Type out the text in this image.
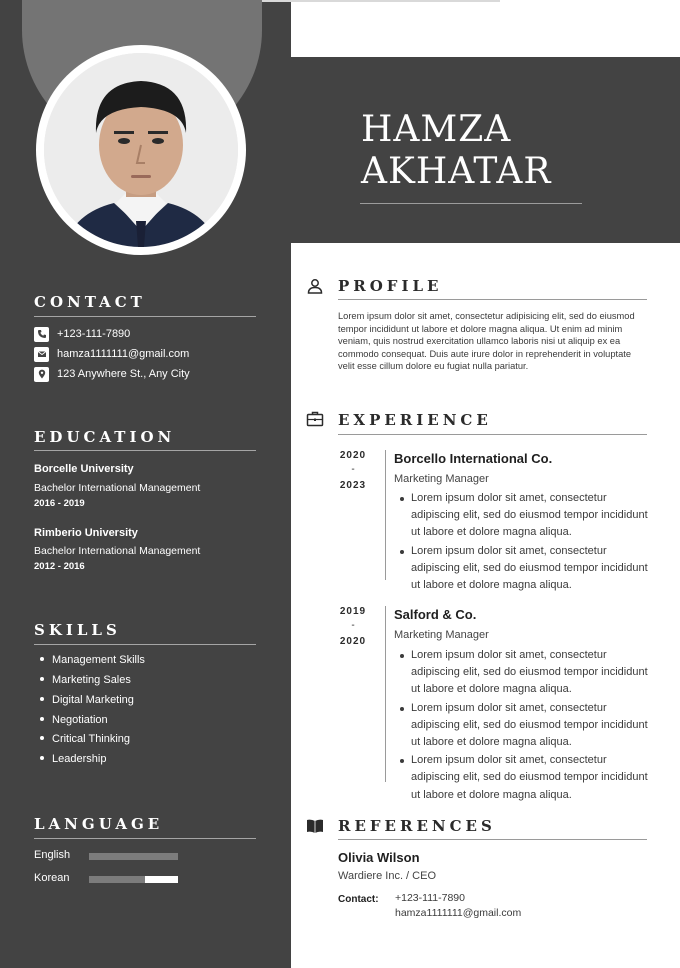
HAMZA
AKHATAR
CONTACT
+123-111-7890
hamza1111111@gmail.com
123 Anywhere St., Any City
EDUCATION
Borcelle University
Bachelor International Management
2016 - 2019
Rimberio University
Bachelor International Management
2012 - 2016
SKILLS
Management Skills
Marketing Sales
Digital Marketing
Negotiation
Critical Thinking
Leadership
LANGUAGE
English
Korean
PROFILE
Lorem ipsum dolor sit amet, consectetur adipisicing elit, sed do eiusmod tempor incididunt ut labore et dolore magna aliqua. Ut enim ad minim veniam, quis nostrud exercitation ullamco laboris nisi ut aliquip ex ea commodo consequat. Duis aute irure dolor in reprehenderit in voluptate velit esse cillum dolore eu fugiat nulla pariatur.
EXPERIENCE
2020
-
2023
Borcello International Co.
Marketing Manager
Lorem ipsum dolor sit amet, consectetur adipiscing elit, sed do eiusmod tempor incididunt ut labore et dolore magna aliqua.
Lorem ipsum dolor sit amet, consectetur adipiscing elit, sed do eiusmod tempor incididunt ut labore et dolore magna aliqua.
2019
-
2020
Salford & Co.
Marketing Manager
Lorem ipsum dolor sit amet, consectetur adipiscing elit, sed do eiusmod tempor incididunt ut labore et dolore magna aliqua.
Lorem ipsum dolor sit amet, consectetur adipiscing elit, sed do eiusmod tempor incididunt ut labore et dolore magna aliqua.
Lorem ipsum dolor sit amet, consectetur adipiscing elit, sed do eiusmod tempor incididunt ut labore et dolore magna aliqua.
REFERENCES
Olivia Wilson
Wardiere Inc. / CEO
Contact: +123-111-7890
hamza1111111@gmail.com
